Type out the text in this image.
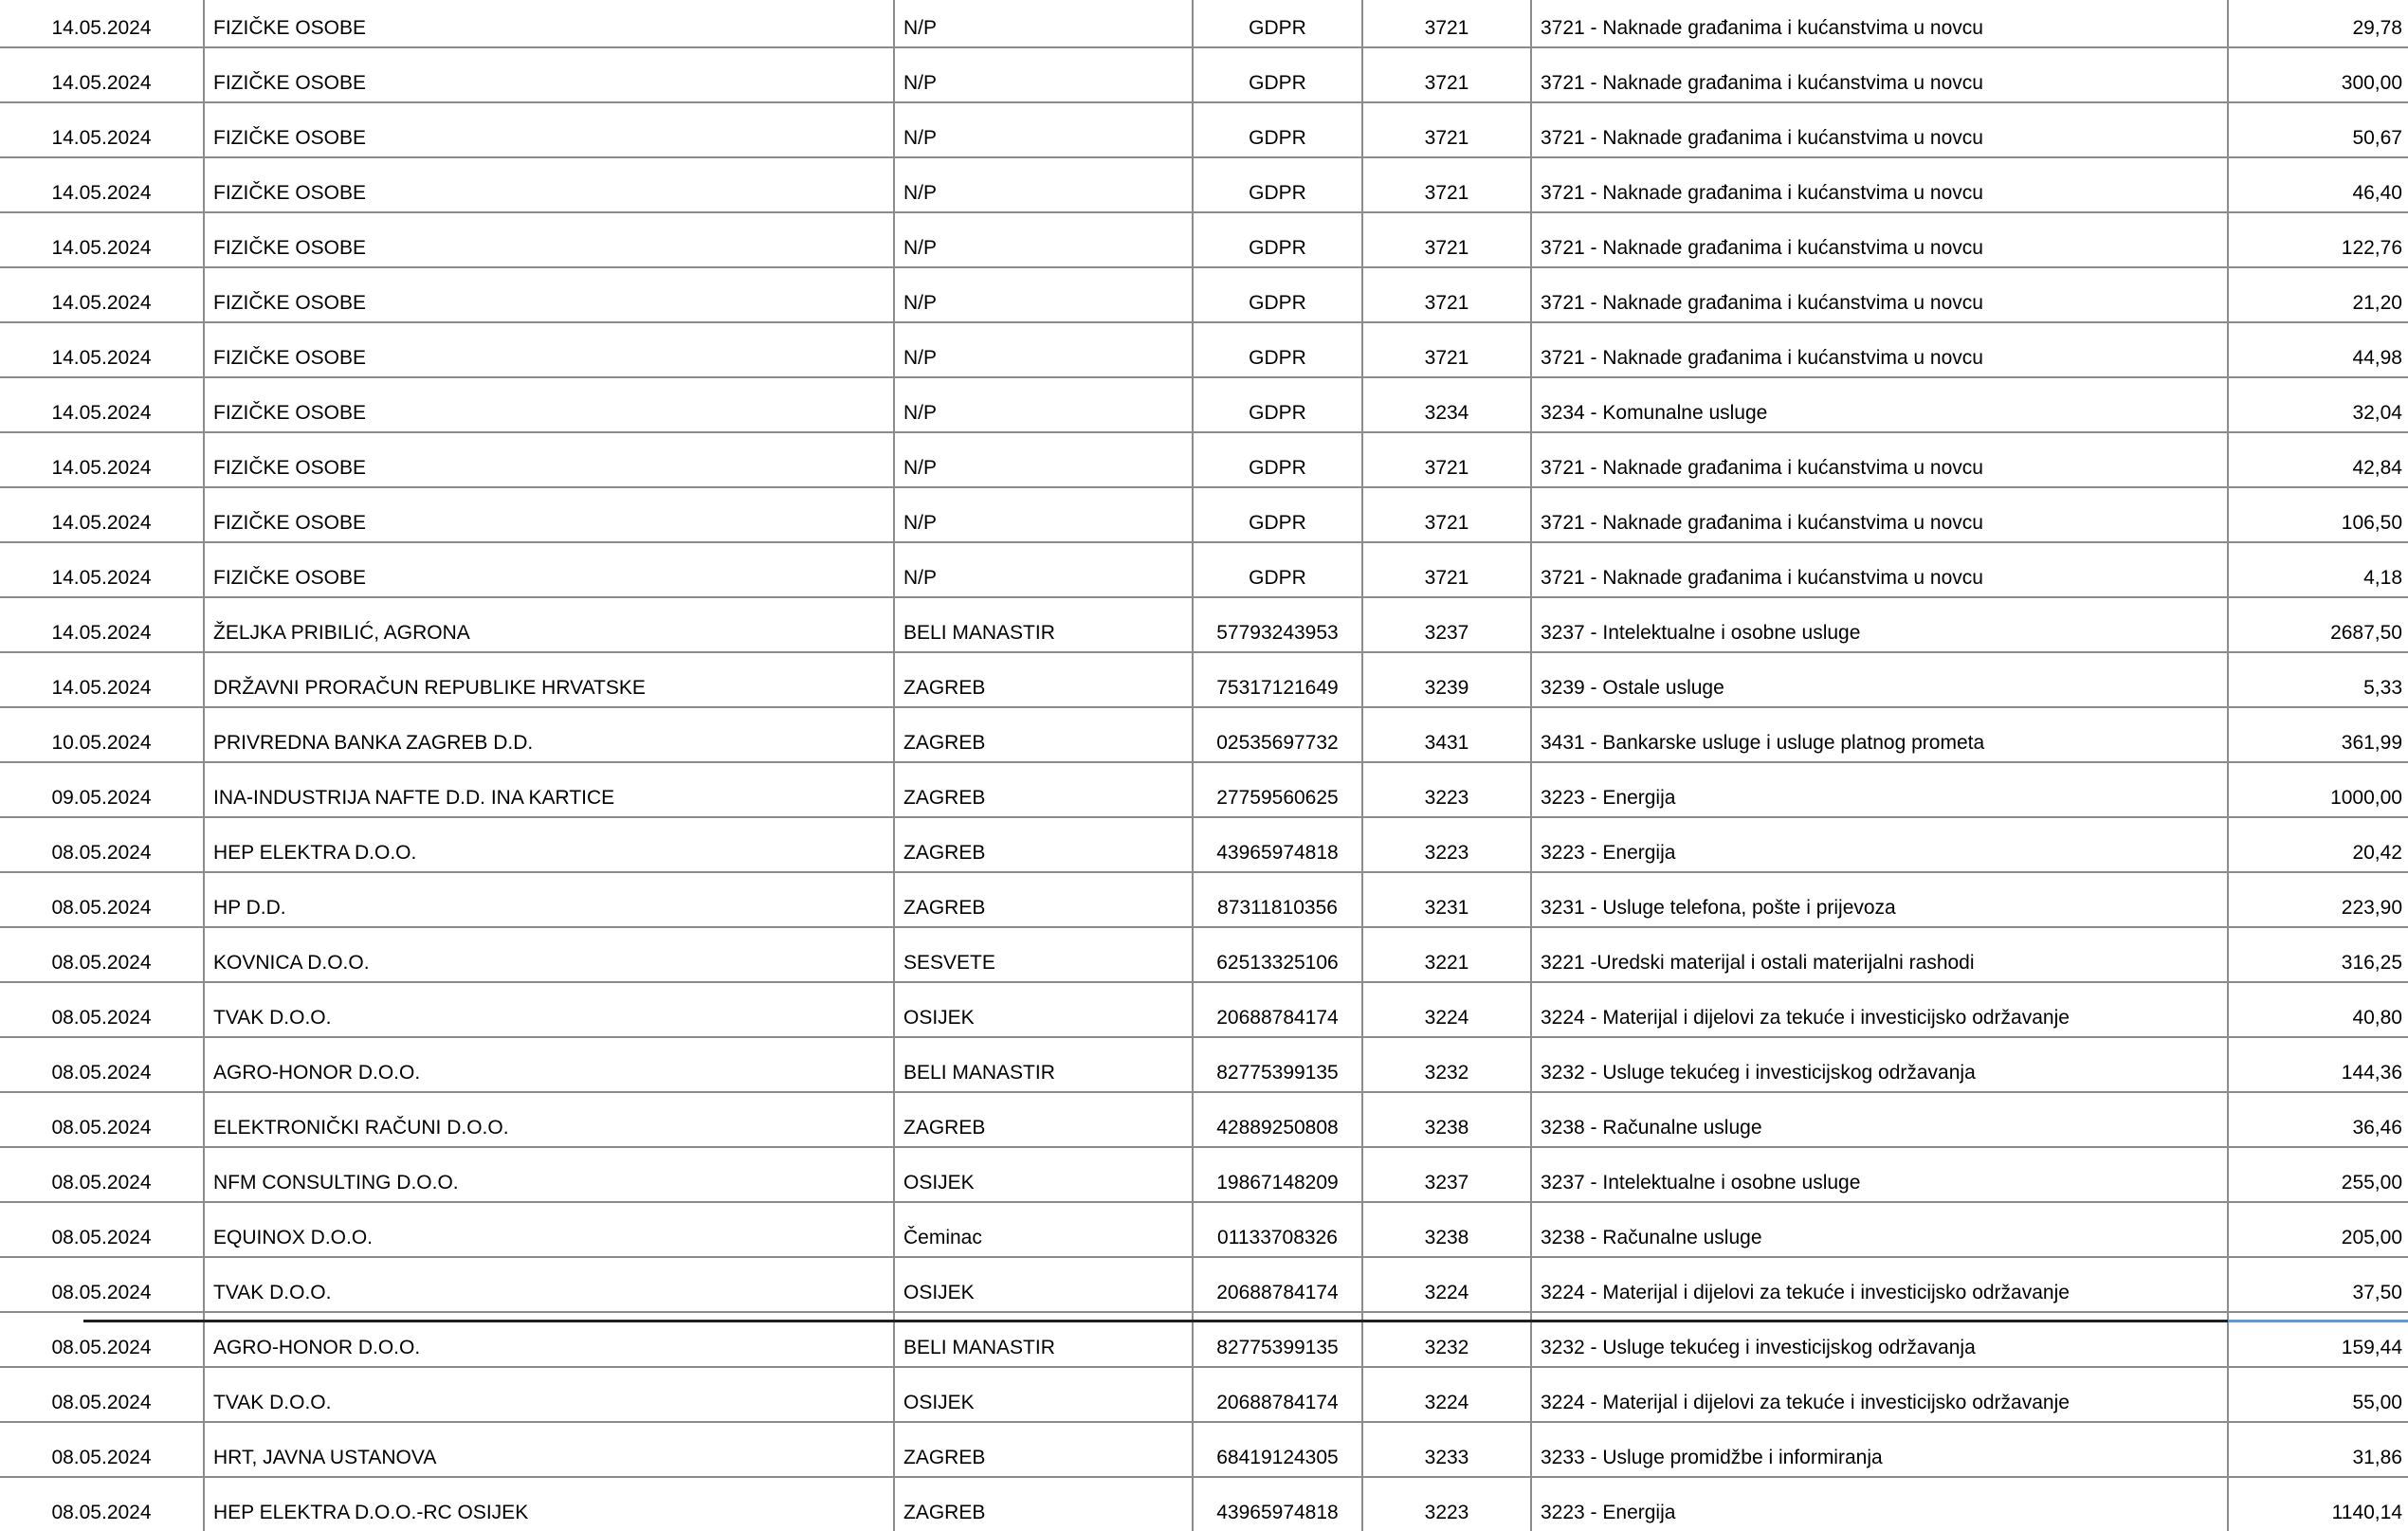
14.05.2024	FIZIČKE OSOBE	N/P	GDPR	3721	3721 - Naknade građanima i kućanstvima u novcu	29,78
14.05.2024	FIZIČKE OSOBE	N/P	GDPR	3721	3721 - Naknade građanima i kućanstvima u novcu	300,00
14.05.2024	FIZIČKE OSOBE	N/P	GDPR	3721	3721 - Naknade građanima i kućanstvima u novcu	50,67
14.05.2024	FIZIČKE OSOBE	N/P	GDPR	3721	3721 - Naknade građanima i kućanstvima u novcu	46,40
14.05.2024	FIZIČKE OSOBE	N/P	GDPR	3721	3721 - Naknade građanima i kućanstvima u novcu	122,76
14.05.2024	FIZIČKE OSOBE	N/P	GDPR	3721	3721 - Naknade građanima i kućanstvima u novcu	21,20
14.05.2024	FIZIČKE OSOBE	N/P	GDPR	3721	3721 - Naknade građanima i kućanstvima u novcu	44,98
14.05.2024	FIZIČKE OSOBE	N/P	GDPR	3234	3234 - Komunalne usluge	32,04
14.05.2024	FIZIČKE OSOBE	N/P	GDPR	3721	3721 - Naknade građanima i kućanstvima u novcu	42,84
14.05.2024	FIZIČKE OSOBE	N/P	GDPR	3721	3721 - Naknade građanima i kućanstvima u novcu	106,50
14.05.2024	FIZIČKE OSOBE	N/P	GDPR	3721	3721 - Naknade građanima i kućanstvima u novcu	4,18
14.05.2024	ŽELJKA PRIBILIĆ, AGRONA	BELI MANASTIR	57793243953	3237	3237 - Intelektualne i osobne usluge	2687,50
14.05.2024	DRŽAVNI PRORAČUN REPUBLIKE HRVATSKE	ZAGREB	75317121649	3239	3239 - Ostale usluge	5,33
10.05.2024	PRIVREDNA BANKA ZAGREB D.D.	ZAGREB	02535697732	3431	3431 - Bankarske usluge i usluge platnog prometa	361,99
09.05.2024	INA-INDUSTRIJA NAFTE D.D. INA KARTICE	ZAGREB	27759560625	3223	3223 - Energija	1000,00
08.05.2024	HEP ELEKTRA D.O.O.	ZAGREB	43965974818	3223	3223 - Energija	20,42
08.05.2024	HP D.D.	ZAGREB	87311810356	3231	3231 - Usluge telefona, pošte i prijevoza	223,90
08.05.2024	KOVNICA D.O.O.	SESVETE	62513325106	3221	3221 -Uredski materijal i ostali materijalni rashodi	316,25
08.05.2024	TVAK D.O.O.	OSIJEK	20688784174	3224	3224 - Materijal i dijelovi za tekuće i investicijsko održavanje	40,80
08.05.2024	AGRO-HONOR D.O.O.	BELI MANASTIR	82775399135	3232	3232 - Usluge tekućeg i investicijskog održavanja	144,36
08.05.2024	ELEKTRONIČKI RAČUNI D.O.O.	ZAGREB	42889250808	3238	3238 - Računalne usluge	36,46
08.05.2024	NFM CONSULTING D.O.O.	OSIJEK	19867148209	3237	3237 - Intelektualne i osobne usluge	255,00
08.05.2024	EQUINOX D.O.O.	Čeminac	01133708326	3238	3238 - Računalne usluge	205,00
08.05.2024	TVAK D.O.O.	OSIJEK	20688784174	3224	3224 - Materijal i dijelovi za tekuće i investicijsko održavanje	37,50
08.05.2024	AGRO-HONOR D.O.O.	BELI MANASTIR	82775399135	3232	3232 - Usluge tekućeg i investicijskog održavanja	159,44
08.05.2024	TVAK D.O.O.	OSIJEK	20688784174	3224	3224 - Materijal i dijelovi za tekuće i investicijsko održavanje	55,00
08.05.2024	HRT, JAVNA USTANOVA	ZAGREB	68419124305	3233	3233 - Usluge promidžbe i informiranja	31,86
08.05.2024	HEP ELEKTRA D.O.O.-RC OSIJEK	ZAGREB	43965974818	3223	3223 - Energija	1140,14
